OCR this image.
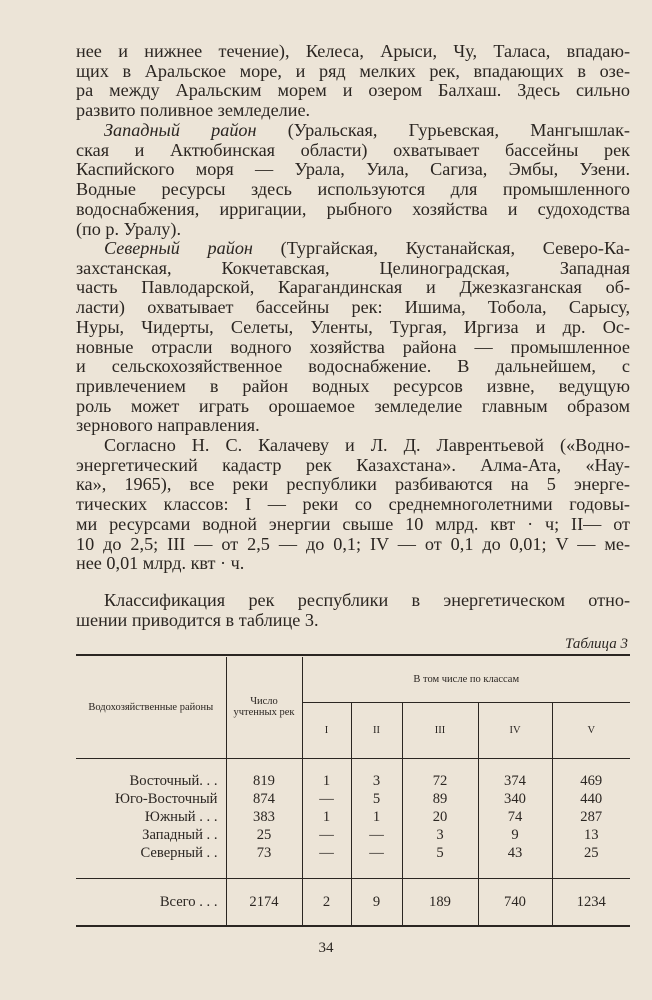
нее и нижнее течение), Келеса, Арыси, Чу, Таласа, впадаю-
щих в Аральское море, и ряд мелких рек, впадающих в озе-
ра между Аральским морем и озером Балхаш. Здесь сильно
развито поливное земледелие.

Западный район (Уральская, Гурьевская, Мангышлак-
ская и Актюбинская области) охватывает бассейны рек
Каспийского моря — Урала, Уила, Сагиза, Эмбы, Узени.
Водные ресурсы здесь используются для промышленного
водоснабжения, ирригации, рыбного хозяйства и судоходства
(по р. Уралу).

Северный район (Тургайская, Кустанайская, Северо-Ка-
захстанская, Кокчетавская, Целиноградская, Западная
часть Павлодарской, Карагандинская и Джезказганская об-
ласти) охватывает бассейны рек: Ишима, Тобола, Сарысу,
Нуры, Чидерты, Селеты, Уленты, Тургая, Иргиза и др. Ос-
новные отрасли водного хозяйства района — промышленное
и сельскохозяйственное водоснабжение. В дальнейшем, с
привлечением в район водных ресурсов извне, ведущую
роль может играть орошаемое земледелие главным образом
зернового направления.

Согласно Н. С. Калачеву и Л. Д. Лаврентьевой («Водно-
энергетический кадастр рек Казахстана». Алма-Ата, «Нау-
ка», 1965), все реки республики разбиваются на 5 энерге-
тических классов: I — реки со среднемноголетними годовы-
ми ресурсами водной энергии свыше 10 млрд. квт · ч; II— от
10 до 2,5; III — от 2,5 — до 0,1; IV — от 0,1 до 0,01; V — ме-
нее 0,01 млрд. квт · ч.

Классификация рек республики в энергетическом отно-
шении приводится в таблице 3.

Таблица 3
Водохозяйственные районы	Число учтенных рек	В том числе по классам				
		I	II	III	IV	V

Восточный. . .	819	1	3	72	374	469
Юго-Восточный	874	—	5	89	340	440
Южный . . .	383	1	1	20	74	287
Западный . .	25	—	—	3	9	13
Северный . .	73	—	—	5	43	25

Всего . . .	2174	2	9	189	740	1234
34
